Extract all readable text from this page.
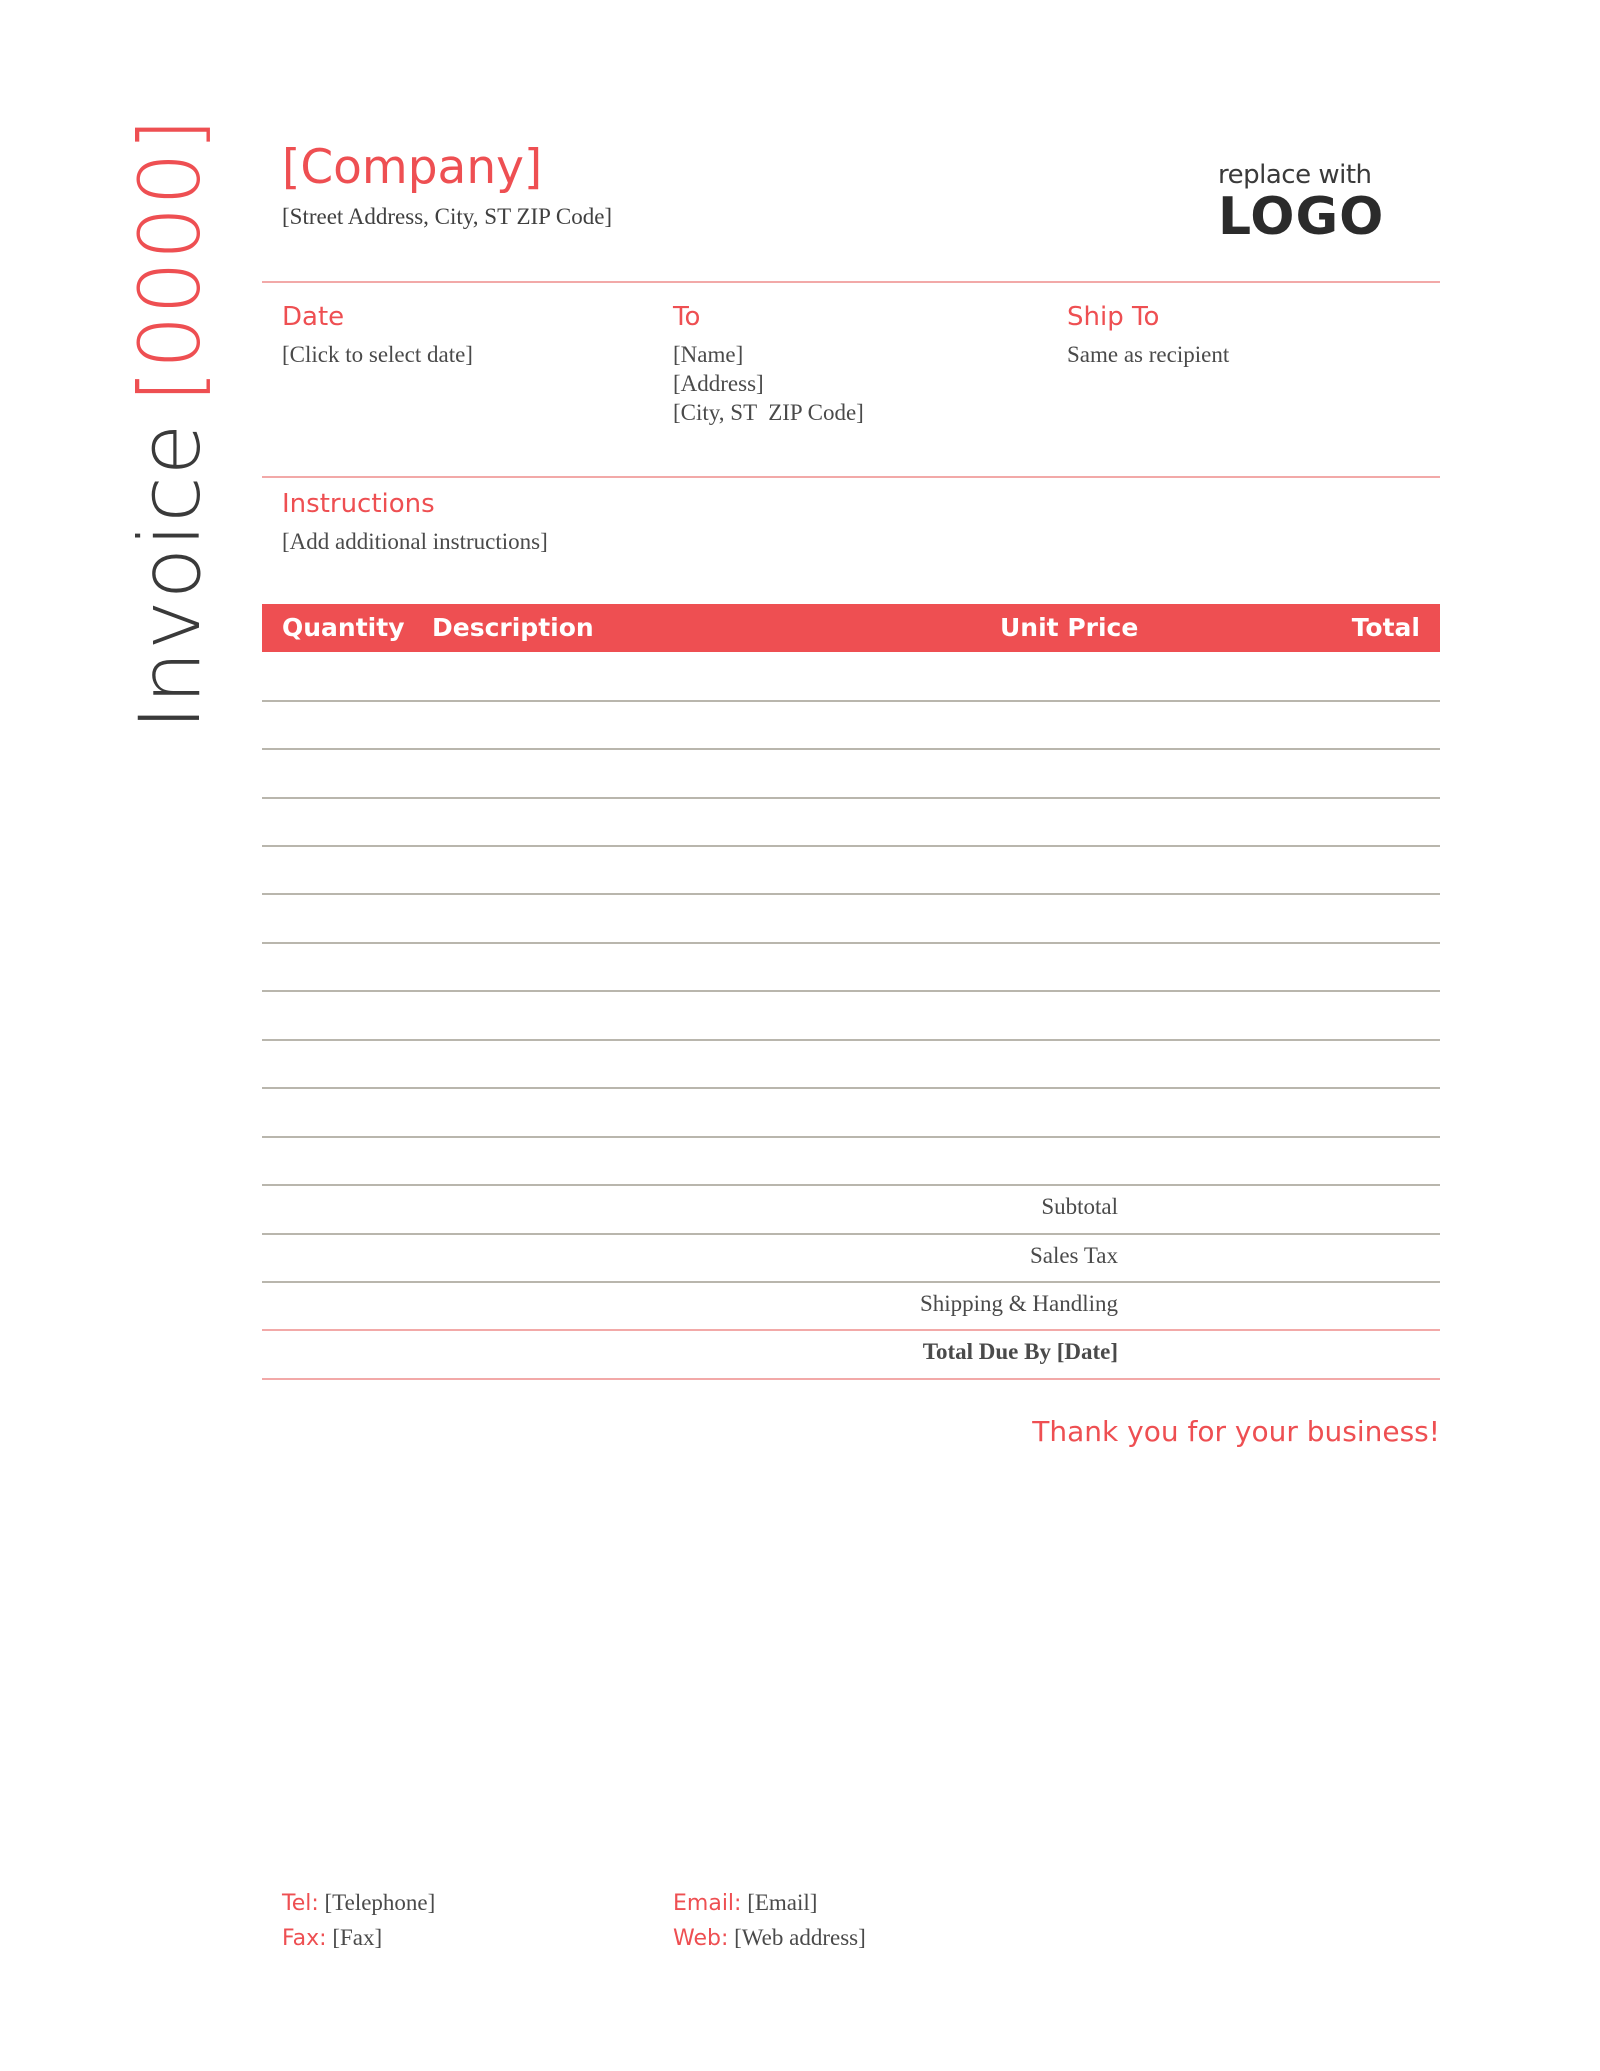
Invoice[0000] [Company]
[Street Address, City, ST ZIP Code]
replace with
LOGO
Date
[Click to select date]
To
[Name]
[Address]
[City, ST  ZIP Code]
Ship To
Same as recipient
Instructions
[Add additional instructions]
Quantity Description	Unit Price	Total
Subtotal
Sales Tax
Shipping & Handling
Total Due By [Date]
Thank you for your business!
Tel: [Telephone]
Fax: [Fax]
Email: [Email]
Web: [Web address]
